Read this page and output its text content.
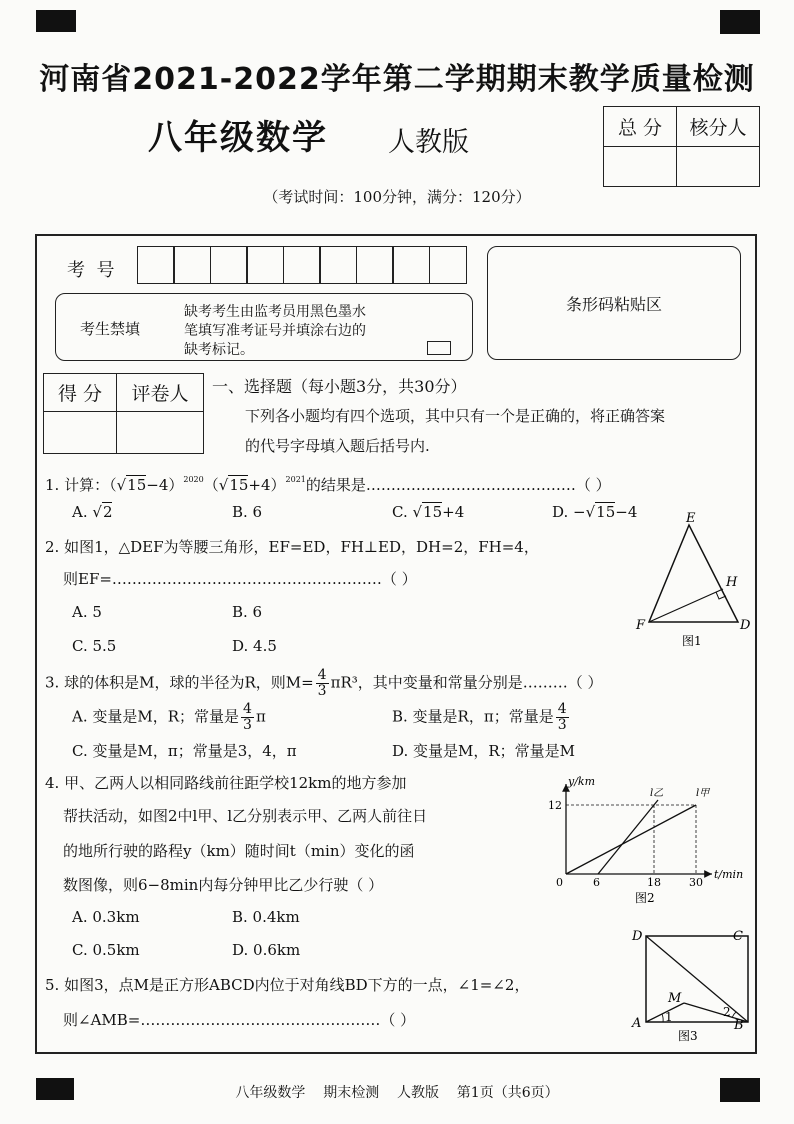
河南省2021-2022学年第二学期期末教学质量检测
八年级数学 人教版	总 分	核分人

（考试时间：100分钟，满分：120分）
考  号
考生禁填
缺考考生由监考员用黑色墨水
笔填写准考证号并填涂右边的
缺考标记。
条形码粘贴区
得 分	评卷人
	一、选择题（每小题3分，共30分）
下列各小题均有四个选项，其中只有一个是正确的，将正确答案
的代号字母填入题后括号内.
1. 计算：$(√15-4)^{2020}(√15+4)^{2021}$的结果是……………………………………（ ）
A. √2	B. 6	C. √15+4	D. −√15−4
2. 如图1，△DEF为等腰三角形，EF=ED，FH⊥ED，DH=2，FH=4，
则EF=………………………………………………（ ）
A. 5	B. 6
C. 5.5	D. 4.5
E
H
F	D
图1
3. 球的体积是M，球的半径为R，则$M= \frac{4}{3} \pi R^3$，其中变量和常量分别是………（ ）
A. 变量是M，R；常量是 $\frac{4}{3}$ π	B. 变量是R，π；常量是 $\frac{4}{3}$
C. 变量是M，π；常量是3，4，π	D. 变量是M，R；常量是M
4. 甲、乙两人以相同路线前往距学校12km的地方参加
帮扶活动，如图2中l甲、l乙分别表示甲、乙两人前往日
的地所行驶的路程y（km）随时间t（min）变化的函
数图像，则6−8min内每分钟甲比乙少行驶（ ）
A. 0.3km	B. 0.4km
C. 0.5km	D. 0.6km
y/km
t/min
12
0	6	18	30
l乙	l甲
图2
5. 如图3，点M是正方形ABCD内位于对角线BD下方的一点，∠1=∠2，
则∠AMB=…………………………………………（ ）
D	C
A	B
M
1	2
图3
八年级数学    期末检测    人教版    第1页（共6页）
